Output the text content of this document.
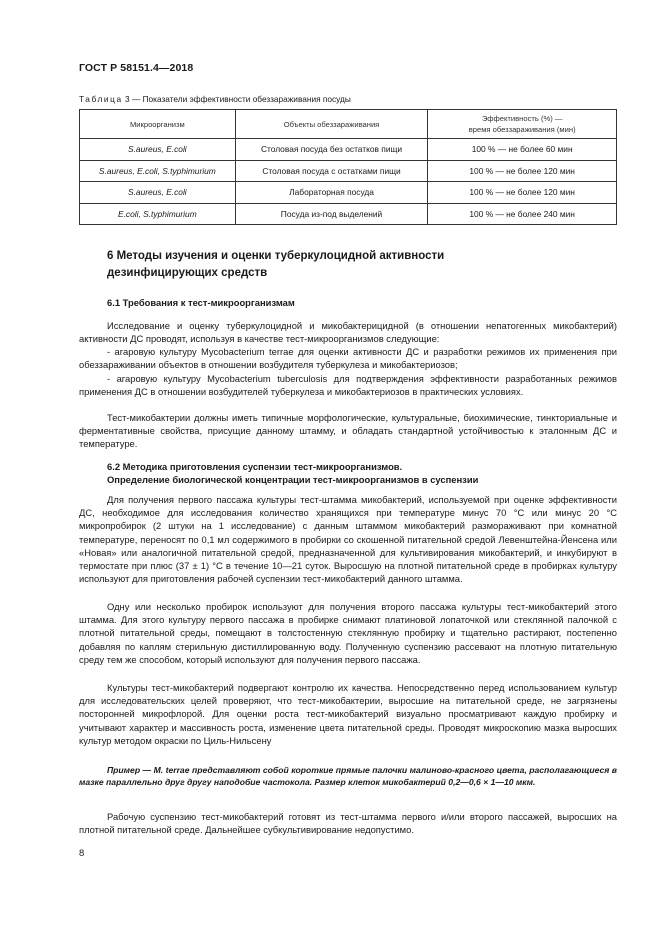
ГОСТ Р 58151.4—2018
Таблица 3 — Показатели эффективности обеззараживания посуды
Микроорганизм	Объекты обеззараживания	Эффективность (%) —
время обеззараживания (мин)
S.aureus, E.coli	Столовая посуда без остатков пищи	100 % — не более 60 мин
S.aureus, E.coli, S.typhimurium	Столовая посуда с остатками пищи	100 % — не более 120 мин
S.aureus, E.coli	Лабораторная посуда	100 % — не более 120 мин
E.coli, S.typhimurium	Посуда из-под выделений	100 % — не более 240 мин
6 Методы изучения и оценки туберкулоцидной активности
дезинфицирующих средств
6.1 Требования к тест-микроорганизмам
Исследование и оценку туберкулоцидной и микобактерицидной (в отношении непатогенных микобактерий) активности ДС проводят, используя в качестве тест-микроорганизмов следующие:
- агаровую культуру Mycobacterium terrae для оценки активности ДС и разработки режимов их применения при обеззараживании объектов в отношении возбудителя туберкулеза и микобактериозов;
- агаровую культуру Mycobacterium tuberculosis для подтверждения эффективности разработанных режимов применения ДС в отношении возбудителей туберкулеза и микобактериозов в практических условиях.
Тест-микобактерии должны иметь типичные морфологические, культуральные, биохимические, тинкториальные и ферментативные свойства, присущие данному штамму, и обладать стандартной устойчивостью к эталонным ДС и температуре.
6.2 Методика приготовления суспензии тест-микроорганизмов.
Определение биологической концентрации тест-микроорганизмов в суспензии
Для получения первого пассажа культуры тест-штамма микобактерий, используемой при оценке эффективности ДС, необходимое для исследования количество хранящихся при температуре минус 70 °С или минус 20 °С микропробирок (2 штуки на 1 исследование) с данным штаммом микобактерий размораживают при комнатной температуре, переносят по 0,1 мл содержимого в пробирки со скошенной питательной средой Левенштейна-Йенсена или «Новая» или аналогичной питательной средой, предназначенной для культивирования микобактерий, и инкубируют в термостате при плюс (37 ± 1) °С в течение 10—21 суток. Выросшую на плотной питательной среде в пробирках культуру используют для приготовления рабочей суспензии тест-микобактерий данного штамма.
Одну или несколько пробирок используют для получения второго пассажа культуры тест-микобактерий этого штамма. Для этого культуру первого пассажа в пробирке снимают платиновой лопаточкой или стеклянной палочкой с плотной питательной среды, помещают в толстостенную стеклянную пробирку и тщательно растирают, постепенно добавляя по каплям стерильную дистиллированную воду. Полученную суспензию рассевают на плотную питательную среду тем же способом, который используют для получения первого пассажа.
Культуры тест-микобактерий подвергают контролю их качества. Непосредственно перед использованием культур для исследовательских целей проверяют, что тест-микобактерии, выросшие на питательной среде, не загрязнены посторонней микрофлорой. Для оценки роста тест-микобактерий визуально просматривают каждую пробирку и учитывают характер и массивность роста, изменение цвета питательной среды. Проводят микроскопию мазка выросших культур методом окраски по Циль-Нильсену
Пример — M. terrae представляют собой короткие прямые палочки малиново-красного цвета, располагающиеся в мазке параллельно друг другу наподобие частокола. Размер клеток микобактерий 0,2—0,6 × 1—10 мкм.
Рабочую суспензию тест-микобактерий готовят из тест-штамма первого и/или второго пассажей, выросших на плотной питательной среде. Дальнейшее субкультивирование недопустимо.
8
